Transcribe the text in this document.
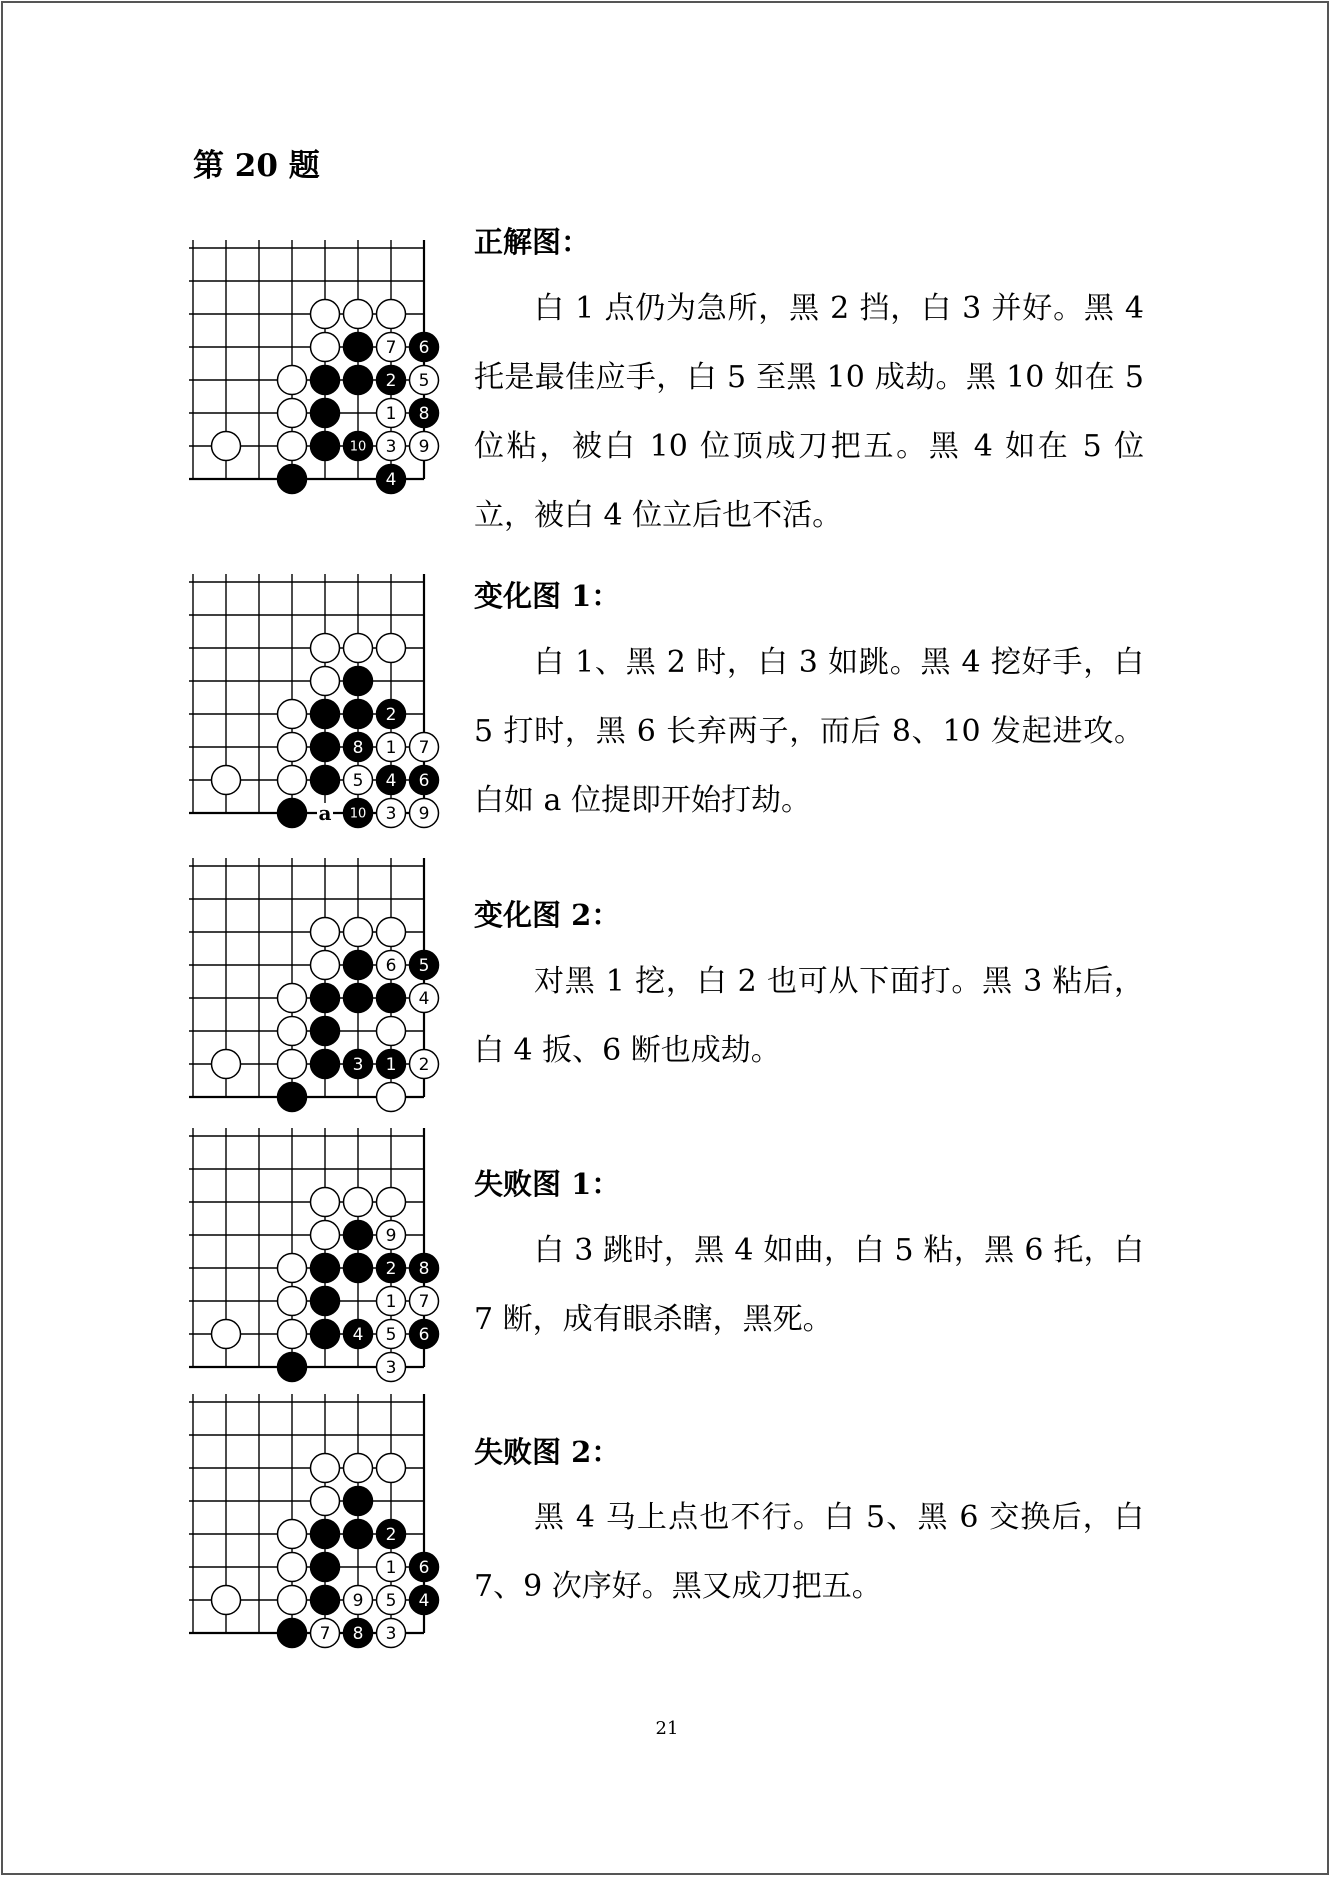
第 20 题
7 6
2 5
1 8
10 3 9
4
正解图：
白 1 点仍为急所，黑 2 挡，白 3 并好。黑 4 托是最佳应手，白 5 至黑 10 成劫。黑 10 如在 5 位粘，被白 10 位顶成刀把五。黑 4 如在 5 位立，被白 4 位立后也不活。
2
8 1 7
5 4 6
a 10 3 9
变化图 1：
白 1、黑 2 时，白 3 如跳。黑 4 挖好手，白 5 打时，黑 6 长弃两子，而后 8、10 发起进攻。白如 a 位提即开始打劫。
6 5
4
3 1 2
变化图 2：
对黑 1 挖，白 2 也可从下面打。黑 3 粘后，白 4 扳、6 断也成劫。
9
2 8
1 7
4 5 6
3
失败图 1：
白 3 跳时，黑 4 如曲，白 5 粘，黑 6 托，白 7 断，成有眼杀瞎，黑死。
2
1 6
9 5 4
7 8 3
失败图 2：
黑 4 马上点也不行。白 5、黑 6 交换后，白 7、9 次序好。黑又成刀把五。
21
